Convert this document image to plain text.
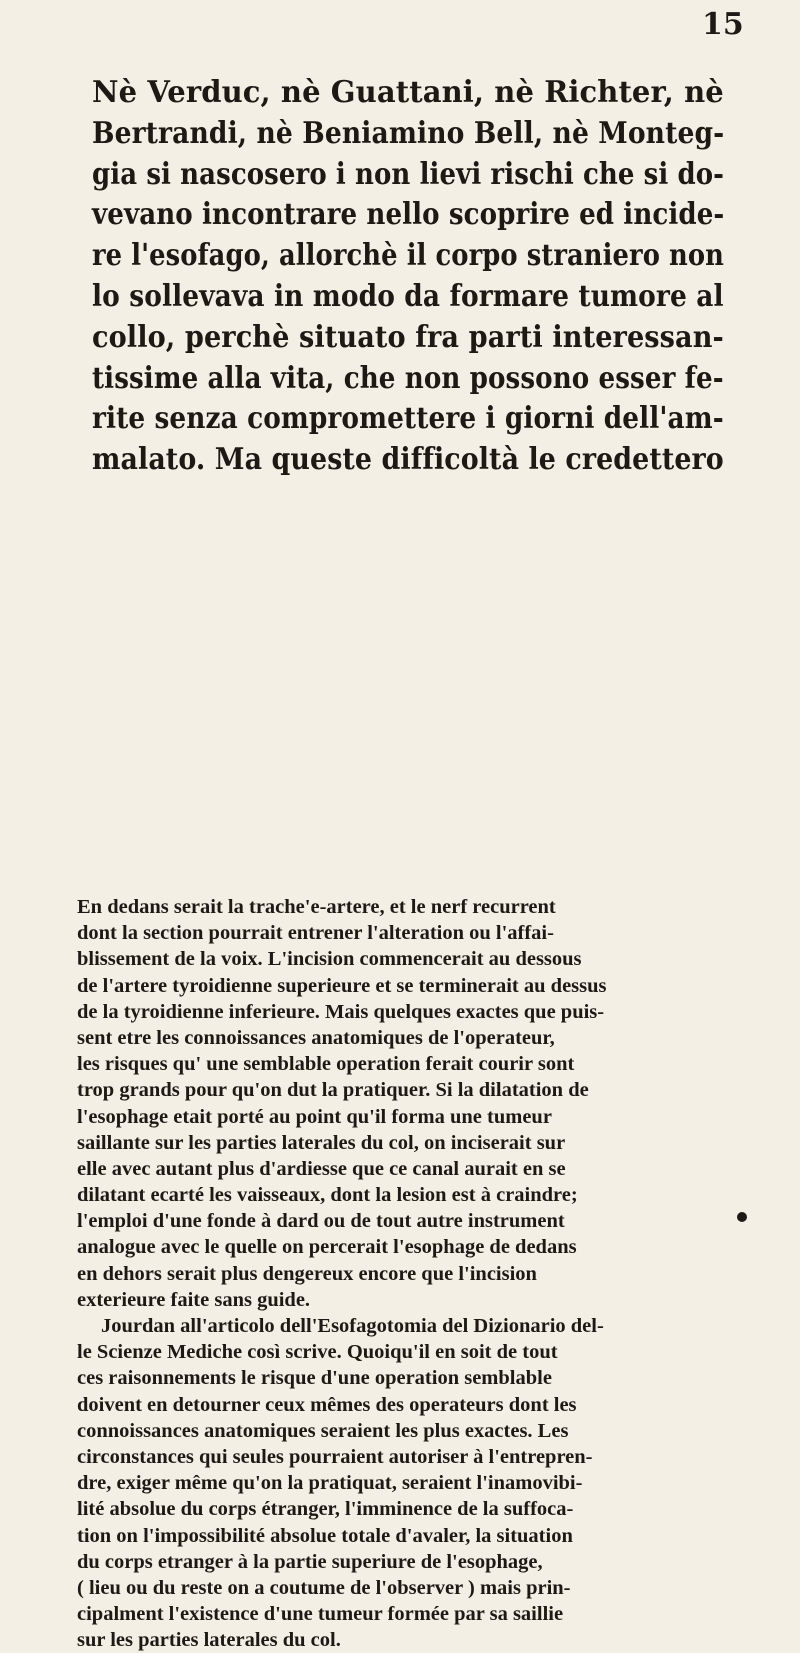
15
Nè Verduc, nè Guattani, nè Richter, nè
Bertrandi, nè Beniamino Bell, nè Monteg-
gia si nascosero i non lievi rischi che si do-
vevano incontrare nello scoprire ed incide-
re l'esofago, allorchè il corpo straniero non
lo sollevava in modo da formare tumore al
collo, perchè situato fra parti interessan-
tissime alla vita, che non possono esser fe-
rite senza compromettere i giorni dell'am-
malato. Ma queste difficoltà le credettero
En dedans serait la trache'e-artere, et le nerf recurrent
dont la section pourrait entrener l'alteration ou l'affai-
blissement de la voix. L'incision commencerait au dessous
de l'artere tyroidienne superieure et se terminerait au dessus
de la tyroidienne inferieure. Mais quelques exactes que puis-
sent etre les connoissances anatomiques de l'operateur,
les risques qu' une semblable operation ferait courir sont
trop grands pour qu'on dut la pratiquer. Si la dilatation de
l'esophage etait porté au point qu'il forma une tumeur
saillante sur les parties laterales du col, on inciserait sur
elle avec autant plus d'ardiesse que ce canal aurait en se
dilatant ecarté les vaisseaux, dont la lesion est à craindre;
l'emploi d'une fonde à dard ou de tout autre instrument
analogue avec le quelle on percerait l'esophage de dedans
en dehors serait plus dengereux encore que l'incision
exterieure faite sans guide.
Jourdan all'articolo dell'Esofagotomia del Dizionario del-
le Scienze Mediche così scrive. Quoiqu'il en soit de tout
ces raisonnements le risque d'une operation semblable
doivent en detourner ceux mêmes des operateurs dont les
connoissances anatomiques seraient les plus exactes. Les
circonstances qui seules pourraient autoriser à l'entrepren-
dre, exiger même qu'on la pratiquat, seraient l'inamovibi-
lité absolue du corps étranger, l'imminence de la suffoca-
tion on l'impossibilité absolue totale d'avaler, la situation
du corps etranger à la partie superiure de l'esophage,
( lieu ou du reste on a coutume de l'observer ) mais prin-
cipalment l'existence d'une tumeur formée par sa saillie
sur les parties laterales du col.
